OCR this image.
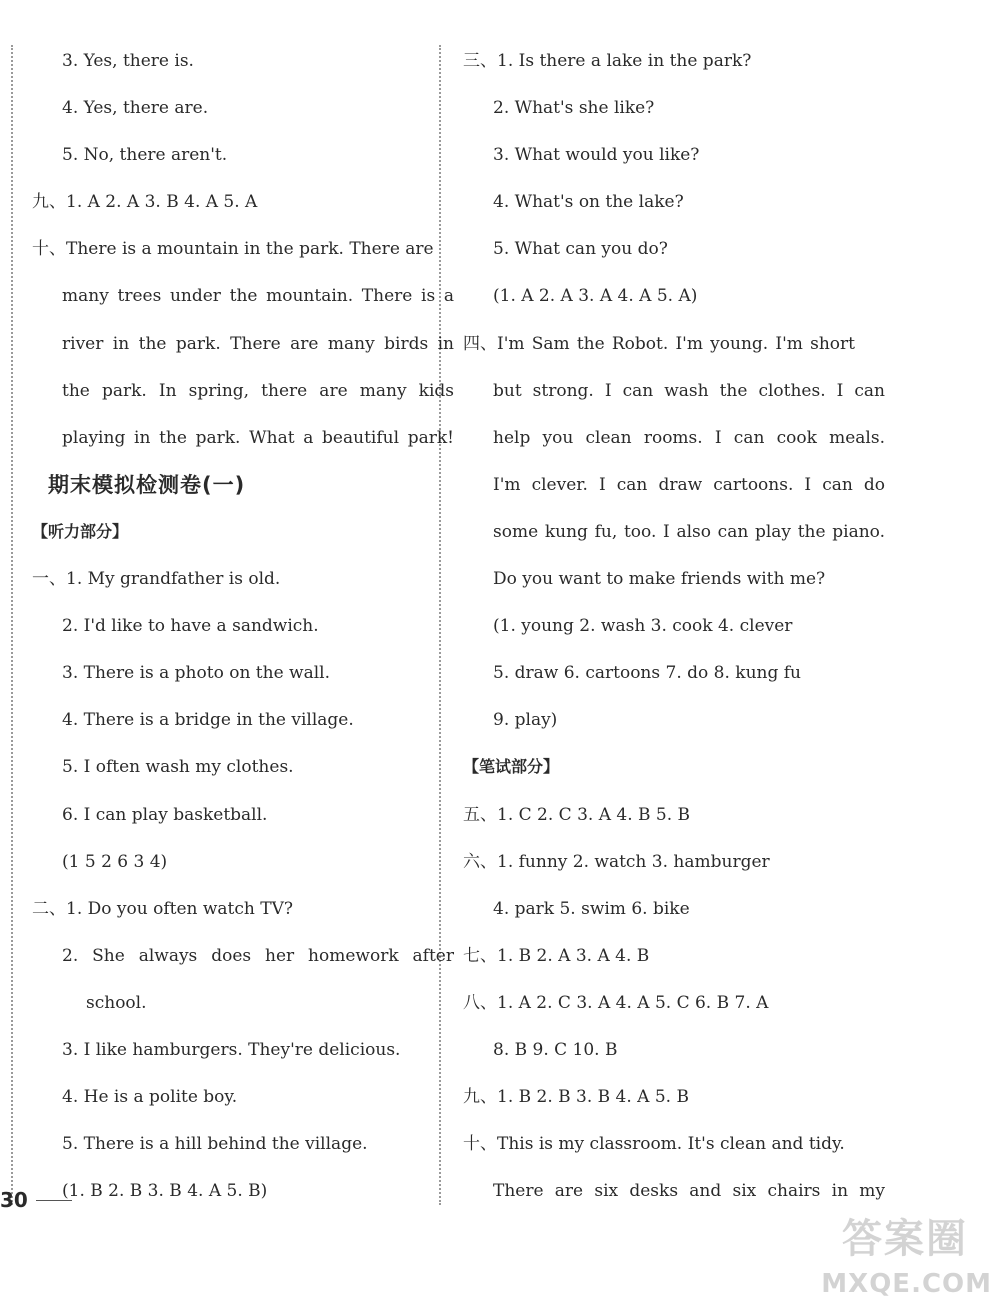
3. Yes, there is.
4. Yes, there are.
5. No, there aren't.
九、 1. A 2. A 3. B 4. A 5. A
十、 There is a mountain in the park. There are
many trees under the mountain. There is a
river in the park. There are many birds in
the park. In spring, there are many kids
playing in the park. What a beautiful park!
期末模拟检测卷(一)
【听力部分】
一、 1. My grandfather is old.
2. I'd like to have a sandwich.
3. There is a photo on the wall.
4. There is a bridge in the village.
5. I often wash my clothes.
6. I can play basketball.
(1 5 2 6 3 4)
二、 1. Do you often watch TV?
2. She always does her homework after
school.
3. I like hamburgers. They're delicious.
4. He is a polite boy.
5. There is a hill behind the village.
(1. B 2. B 3. B 4. A 5. B)
三、 1. Is there a lake in the park?
2. What's she like?
3. What would you like?
4. What's on the lake?
5. What can you do?
(1. A 2. A 3. A 4. A 5. A)
四、 I'm Sam the Robot. I'm young. I'm short
but strong. I can wash the clothes. I can
help you clean rooms. I can cook meals.
I'm clever. I can draw cartoons. I can do
some kung fu, too. I also can play the piano.
Do you want to make friends with me?
(1. young 2. wash 3. cook 4. clever
5. draw 6. cartoons 7. do 8. kung fu
9. play)
【笔试部分】
五、 1. C 2. C 3. A 4. B 5. B
六、 1. funny 2. watch 3. hamburger
4. park 5. swim 6. bike
七、 1. B 2. A 3. A 4. B
八、 1. A 2. C 3. A 4. A 5. C 6. B 7. A
8. B 9. C 10. B
九、 1. B 2. B 3. B 4. A 5. B
十、 This is my classroom. It's clean and tidy.
There are six desks and six chairs in my
30
答案圈
MXQE.COM
